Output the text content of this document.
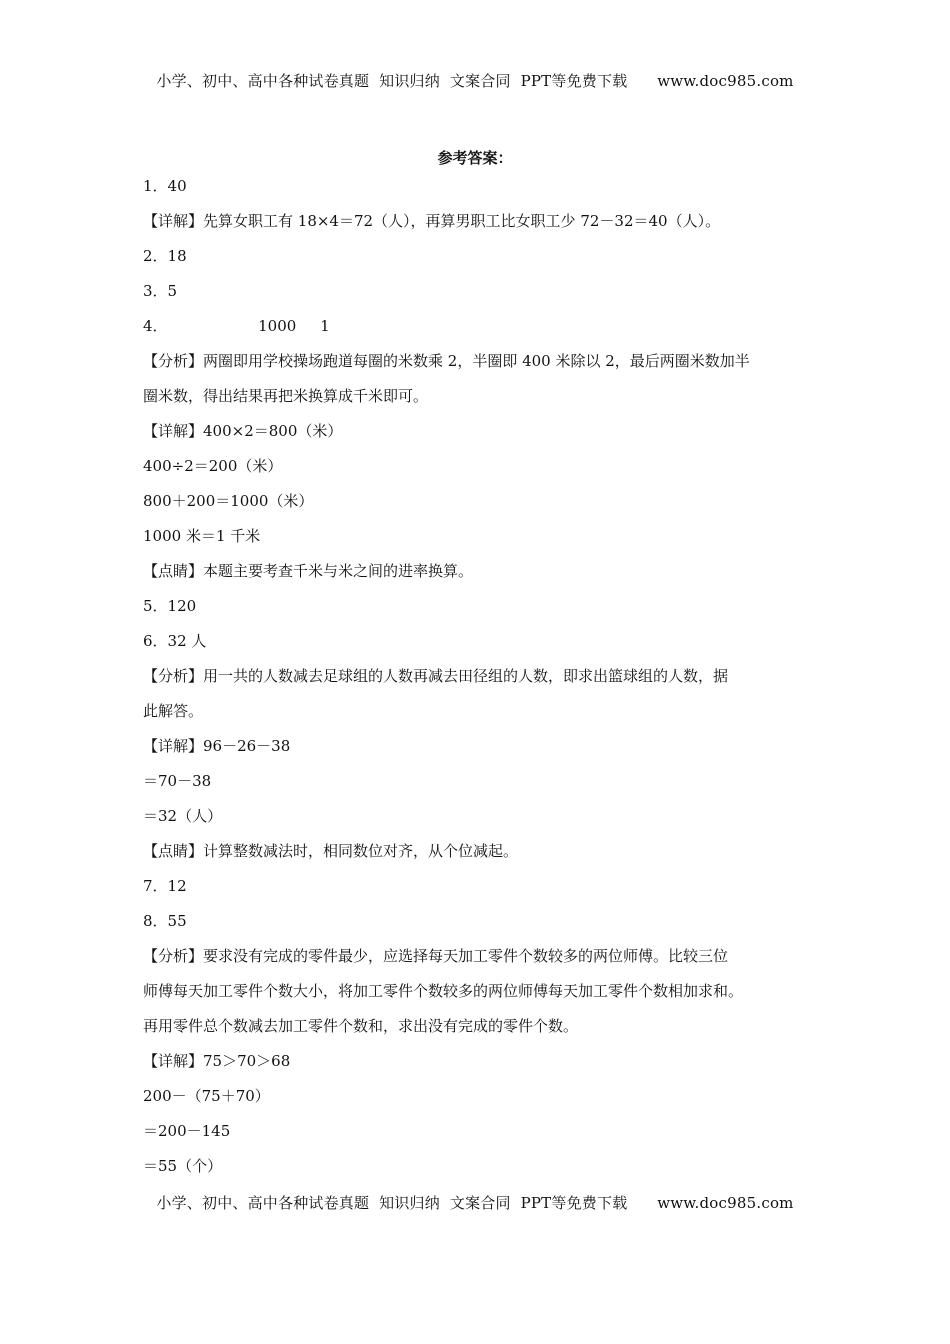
小学、初中、高中各种试卷真题  知识归纳  文案合同  PPT等免费下载      www.doc985.com
参考答案：
1．40
【详解】先算女职工有 18×4＝72（人），再算男职工比女职工少 72－32＝40（人）。
2．18
3．5
4．                   1000     1
【分析】两圈即用学校操场跑道每圈的米数乘 2，半圈即 400 米除以 2，最后两圈米数加半
圈米数，得出结果再把米换算成千米即可。
【详解】400×2＝800（米）
400÷2＝200（米）
800＋200＝1000（米）
1000 米＝1 千米
【点睛】本题主要考查千米与米之间的进率换算。
5．120
6．32 人
【分析】用一共的人数减去足球组的人数再减去田径组的人数，即求出篮球组的人数，据
此解答。
【详解】96－26－38
＝70－38
＝32（人）
【点睛】计算整数减法时，相同数位对齐，从个位减起。
7．12
8．55
【分析】要求没有完成的零件最少，应选择每天加工零件个数较多的两位师傅。比较三位
师傅每天加工零件个数大小，将加工零件个数较多的两位师傅每天加工零件个数相加求和。
再用零件总个数减去加工零件个数和，求出没有完成的零件个数。
【详解】75＞70＞68
200－（75＋70）
＝200－145
＝55（个）
小学、初中、高中各种试卷真题  知识归纳  文案合同  PPT等免费下载      www.doc985.com
